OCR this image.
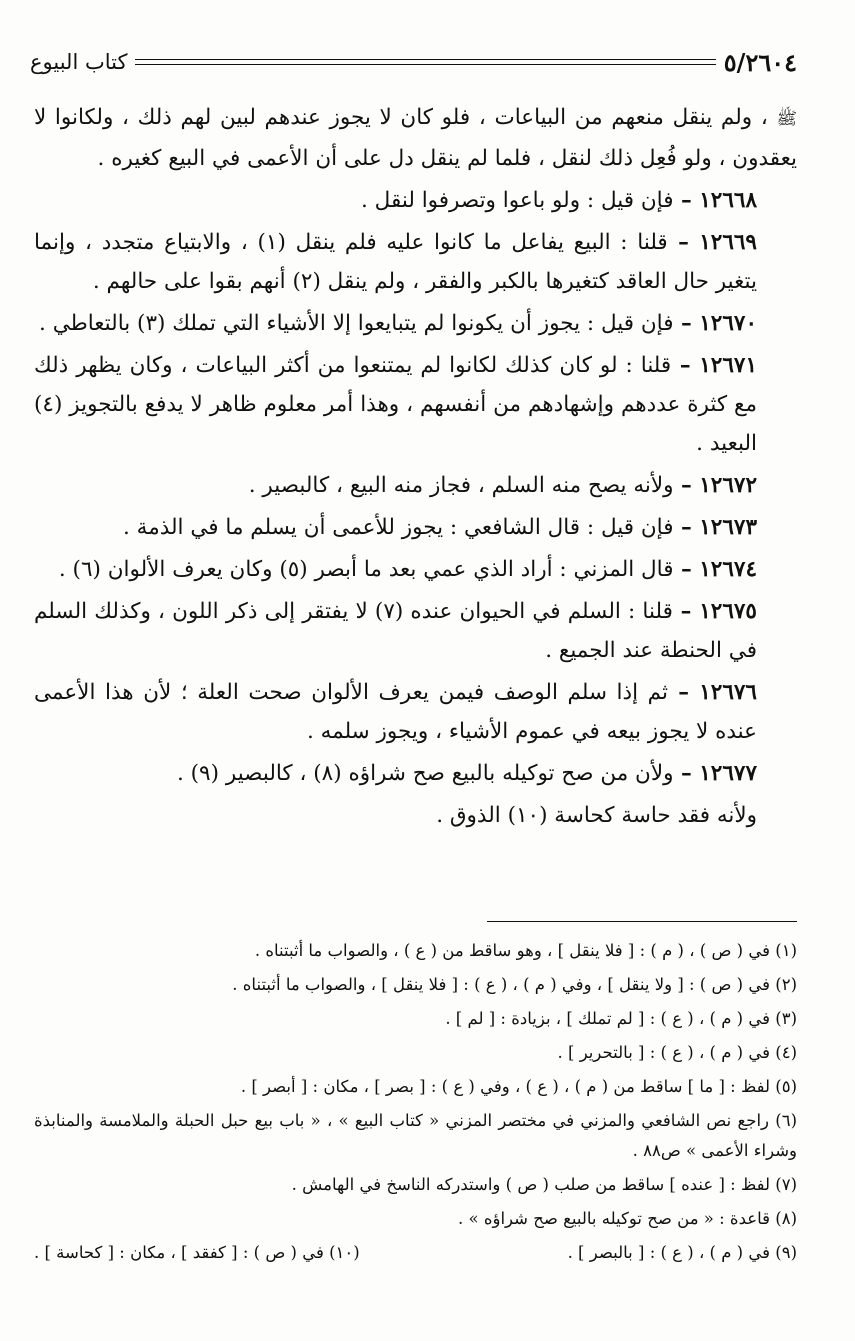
٥/٢٦٠٤
كتاب البيوع

ﷺ ، ولم ينقل منعهم من البياعات ، فلو كان لا يجوز عندهم لبين لهم ذلك ، ولكانوا لا يعقدون ، ولو فُعِل ذلك لنقل ، فلما لم ينقل دل على أن الأعمى في البيع كغيره .

١٢٦٦٨ –فإن قيل : ولو باعوا وتصرفوا لنقل .

١٢٦٦٩ –قلنا : البيع يفاعل ما كانوا عليه فلم ينقل (١) ، والابتياع متجدد ، وإنما يتغير حال العاقد كتغيرها بالكبر والفقر ، ولم ينقل (٢) أنهم بقوا على حالهم .

١٢٦٧٠ –فإن قيل : يجوز أن يكونوا لم يتبايعوا إلا الأشياء التي تملك (٣) بالتعاطي .

١٢٦٧١ –قلنا : لو كان كذلك لكانوا لم يمتنعوا من أكثر البياعات ، وكان يظهر ذلك مع كثرة عددهم وإشهادهم من أنفسهم ، وهذا أمر معلوم ظاهر لا يدفع بالتجويز (٤) البعيد .

١٢٦٧٢ –ولأنه يصح منه السلم ، فجاز منه البيع ، كالبصير .

١٢٦٧٣ –فإن قيل : قال الشافعي : يجوز للأعمى أن يسلم ما في الذمة .

١٢٦٧٤ –قال المزني : أراد الذي عمي بعد ما أبصر (٥) وكان يعرف الألوان (٦) .

١٢٦٧٥ –قلنا : السلم في الحيوان عنده (٧) لا يفتقر إلى ذكر اللون ، وكذلك السلم في الحنطة عند الجميع .

١٢٦٧٦ –ثم إذا سلم الوصف فيمن يعرف الألوان صحت العلة ؛ لأن هذا الأعمى عنده لا يجوز بيعه في عموم الأشياء ، ويجوز سلمه .

١٢٦٧٧ –ولأن من صح توكيله بالبيع صح شراؤه (٨) ، كالبصير (٩) .

ولأنه فقد حاسة كحاسة (١٠) الذوق .

(١) في ( ص ) ، ( م ) : [ فلا ينقل ] ، وهو ساقط من ( ع ) ، والصواب ما أثبتناه .

(٢) في ( ص ) : [ ولا ينقل ] ، وفي ( م ) ، ( ع ) : [ فلا ينقل ] ، والصواب ما أثبتناه .

(٣) في ( م ) ، ( ع ) : [ لم تملك ] ، بزيادة : [ لم ] .

(٤) في ( م ) ، ( ع ) : [ بالتحرير ] .

(٥) لفظ : [ ما ] ساقط من ( م ) ، ( ع ) ، وفي ( ع ) : [ بصر ] ، مكان : [ أبصر ] .

(٦) راجع نص الشافعي والمزني في مختصر المزني « كتاب البيع » ، « باب بيع حبل الحبلة والملامسة والمنابذة وشراء الأعمى » ص٨٨ .

(٧) لفظ : [ عنده ] ساقط من صلب ( ص ) واستدركه الناسخ في الهامش .

(٨) قاعدة : « من صح توكيله بالبيع صح شراؤه » .

(٩) في ( م ) ، ( ع ) : [ بالبصر ] .
(١٠) في ( ص ) : [ كفقد ] ، مكان : [ كحاسة ] .
